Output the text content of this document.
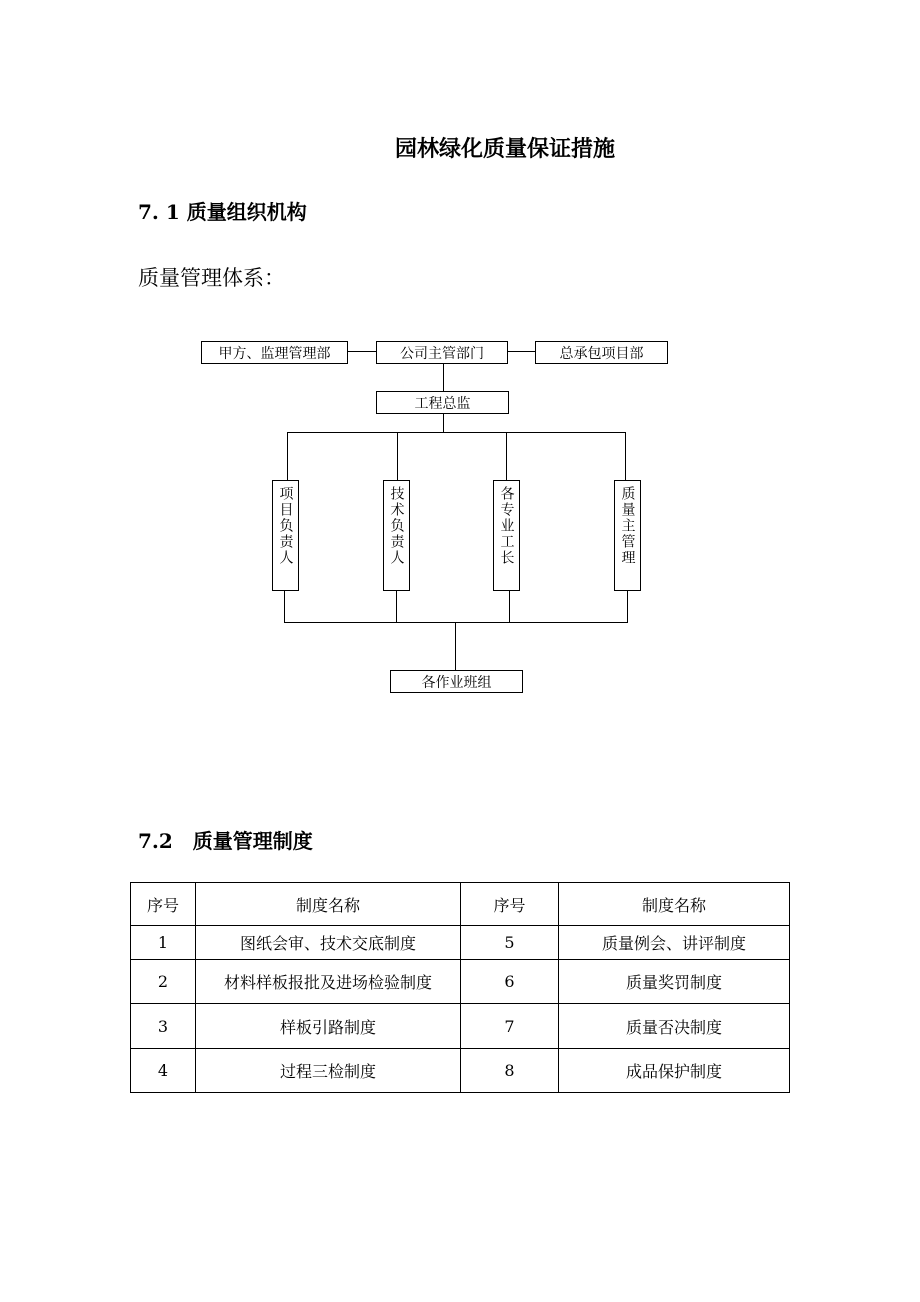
园林绿化质量保证措施
7. 1 质量组织机构
质量管理体系：
甲方、监理管理部	公司主管部门	总承包项目部
工程总监
项目负责人	技术负责人	各专业工长	质量主管理
各作业班组
7.2　质量管理制度
序号	制度名称	序号	制度名称
1	图纸会审、技术交底制度	5	质量例会、讲评制度
2	材料样板报批及进场检验制度	6	质量奖罚制度
3	样板引路制度	7	质量否决制度
4	过程三检制度	8	成品保护制度
